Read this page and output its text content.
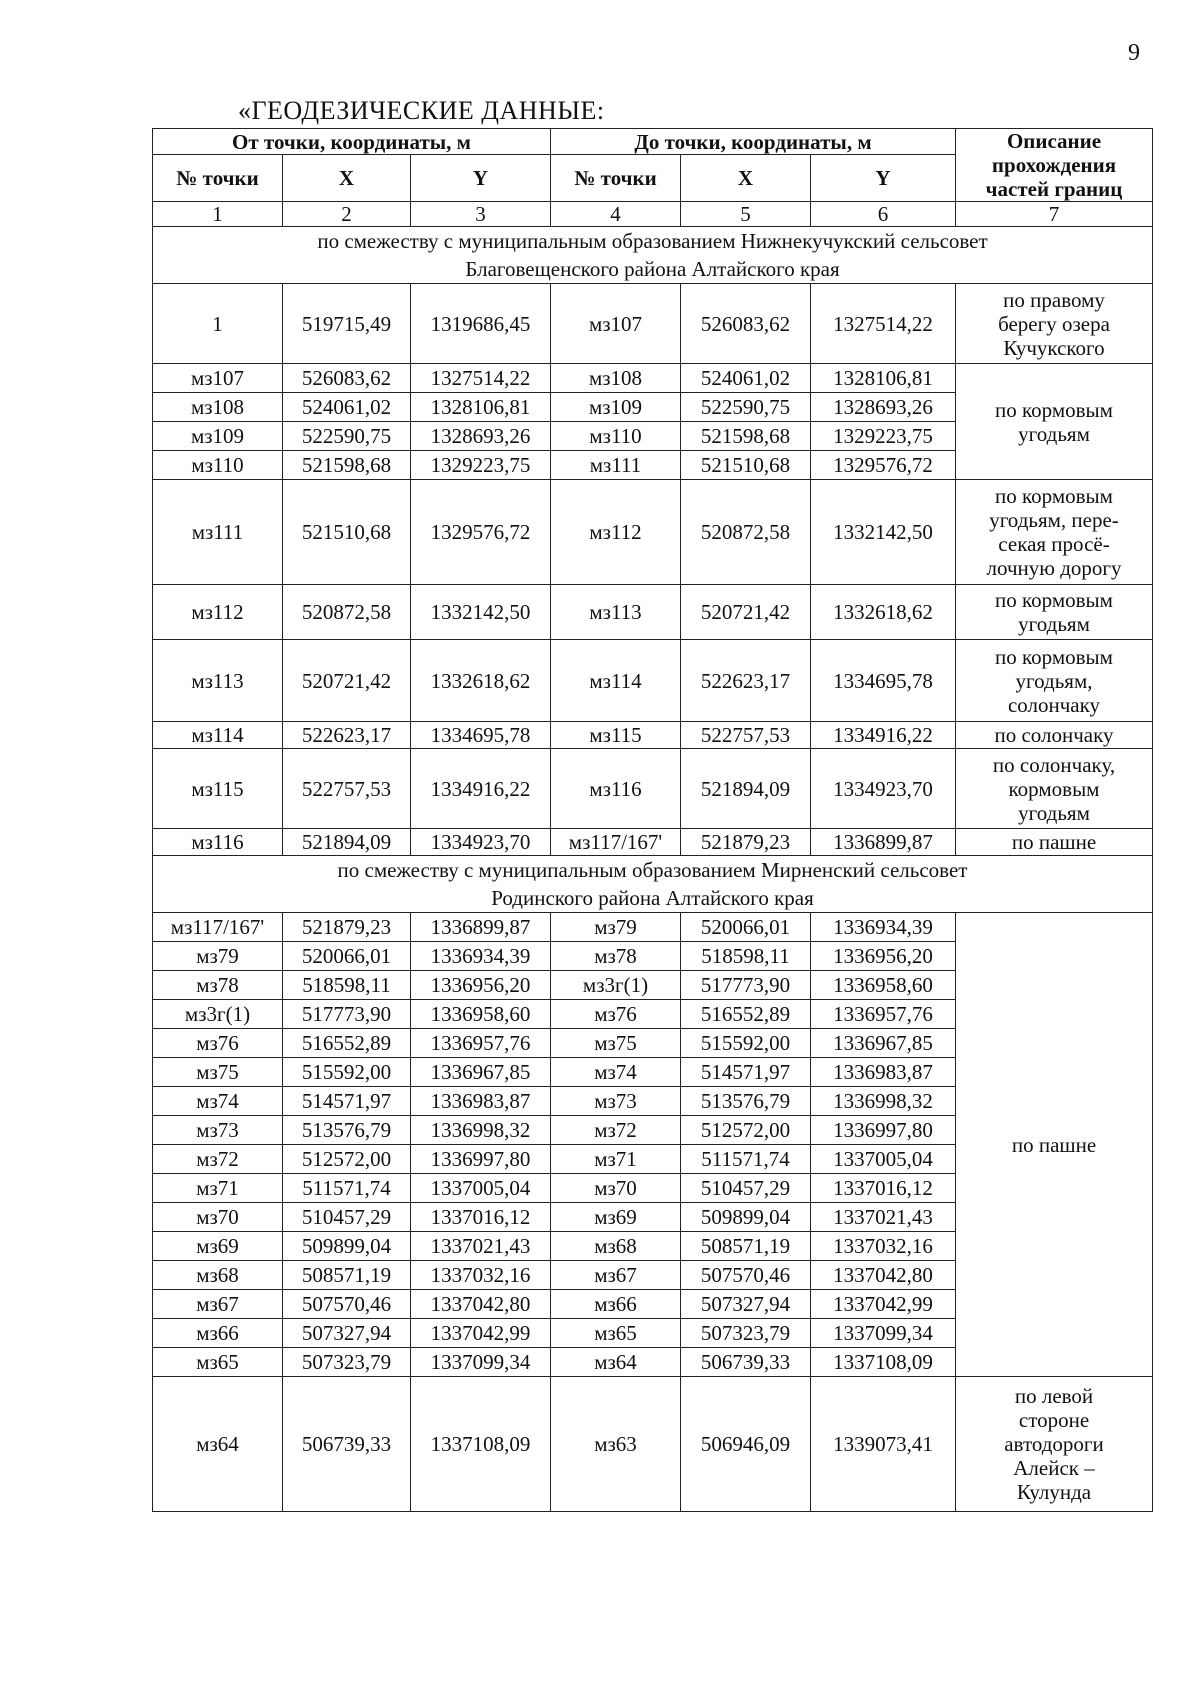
9
«ГЕОДЕЗИЧЕСКИЕ ДАННЫЕ:
От точки, координаты, м			До точки, координаты, м			Описание прохождения частей границ
№ точки	X	Y	№ точки	X	Y	
1	2	3	4	5	6	7

по смежеству с муниципальным образованием Нижнекучукский сельсовет
Благовещенского района Алтайского края						

1	519715,49	1319686,45	мз107	526083,62	1327514,22	по правому
берегу озера
Кучукского

мз107	526083,62	1327514,22	мз108	524061,02	1328106,81	по кормовым
угодьям

мз108	524061,02	1328106,81	мз109	522590,75	1328693,26	
мз109	522590,75	1328693,26	мз110	521598,68	1329223,75	
мз110	521598,68	1329223,75	мз111	521510,68	1329576,72	
мз111	521510,68	1329576,72	мз112	520872,58	1332142,50	по кормовым
угодьям, пере-
секая просё-
лочную дорогу

мз112	520872,58	1332142,50	мз113	520721,42	1332618,62	по кормовым
угодьям

мз113	520721,42	1332618,62	мз114	522623,17	1334695,78	по кормовым
угодьям,
солончаку

мз114	522623,17	1334695,78	мз115	522757,53	1334916,22	по солончаку

мз115	522757,53	1334916,22	мз116	521894,09	1334923,70	по солончаку,
кормовым
угодьям

мз116	521894,09	1334923,70	мз117/167'	521879,23	1336899,87	по пашне

по смежеству с муниципальным образованием Мирненский сельсовет
Родинского района Алтайского края						

мз117/167'	521879,23	1336899,87	мз79	520066,01	1336934,39	по пашне

мз79	520066,01	1336934,39	мз78	518598,11	1336956,20	
мз78	518598,11	1336956,20	мз3г(1)	517773,90	1336958,60	
мз3г(1)	517773,90	1336958,60	мз76	516552,89	1336957,76	
мз76	516552,89	1336957,76	мз75	515592,00	1336967,85	
мз75	515592,00	1336967,85	мз74	514571,97	1336983,87	
мз74	514571,97	1336983,87	мз73	513576,79	1336998,32	
мз73	513576,79	1336998,32	мз72	512572,00	1336997,80	
мз72	512572,00	1336997,80	мз71	511571,74	1337005,04	
мз71	511571,74	1337005,04	мз70	510457,29	1337016,12	
мз70	510457,29	1337016,12	мз69	509899,04	1337021,43	
мз69	509899,04	1337021,43	мз68	508571,19	1337032,16	
мз68	508571,19	1337032,16	мз67	507570,46	1337042,80	
мз67	507570,46	1337042,80	мз66	507327,94	1337042,99	
мз66	507327,94	1337042,99	мз65	507323,79	1337099,34	
мз65	507323,79	1337099,34	мз64	506739,33	1337108,09	
мз64	506739,33	1337108,09	мз63	506946,09	1339073,41	по левой
стороне
автодороги
Алейск –
Кулунда
